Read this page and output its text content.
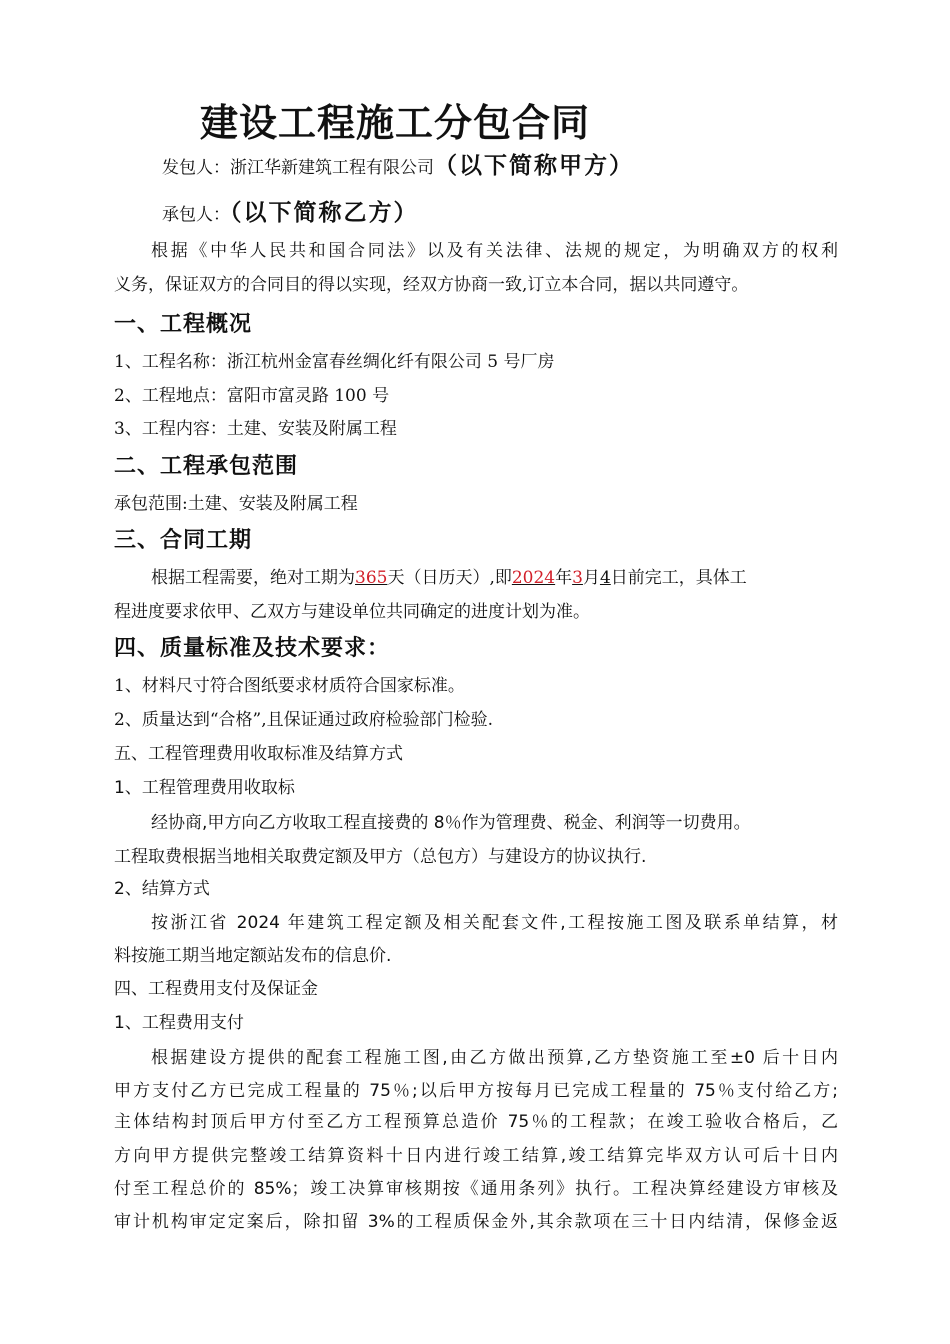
建设工程施工分包合同
发包人：浙江华新建筑工程有限公司（以下简称甲方）
承包人：（以下简称乙方）
根据《中华人民共和国合同法》以及有关法律、法规的规定，为明确双方的权利
义务，保证双方的合同目的得以实现，经双方协商一致,订立本合同，据以共同遵守。
一、工程概况
1、工程名称：浙江杭州金富春丝绸化纤有限公司 5 号厂房
2、工程地点：富阳市富灵路 100 号
3、工程内容：土建、安装及附属工程
二、工程承包范围
承包范围:土建、安装及附属工程
三、合同工期
根据工程需要，绝对工期为365天（日历天）,即2024年3月4日前完工，具体工
程进度要求依甲、乙双方与建设单位共同确定的进度计划为准。
四、质量标准及技术要求：
1、材料尺寸符合图纸要求材质符合国家标准。
2、质量达到“合格”,且保证通过政府检验部门检验.
五、工程管理费用收取标准及结算方式
1、工程管理费用收取标
经协商,甲方向乙方收取工程直接费的 8％作为管理费、税金、利润等一切费用。
工程取费根据当地相关取费定额及甲方（总包方）与建设方的协议执行.
2、结算方式
按浙江省 2024 年建筑工程定额及相关配套文件,工程按施工图及联系单结算，材
料按施工期当地定额站发布的信息价.
四、工程费用支付及保证金
1、工程费用支付
根据建设方提供的配套工程施工图,由乙方做出预算,乙方垫资施工至±0 后十日内
甲方支付乙方已完成工程量的 75％;以后甲方按每月已完成工程量的 75％支付给乙方;
主体结构封顶后甲方付至乙方工程预算总造价 75％的工程款；在竣工验收合格后，乙
方向甲方提供完整竣工结算资料十日内进行竣工结算,竣工结算完毕双方认可后十日内
付至工程总价的 85%；竣工决算审核期按《通用条列》执行。工程决算经建设方审核及
审计机构审定定案后，除扣留 3%的工程质保金外,其余款项在三十日内结清，保修金返
